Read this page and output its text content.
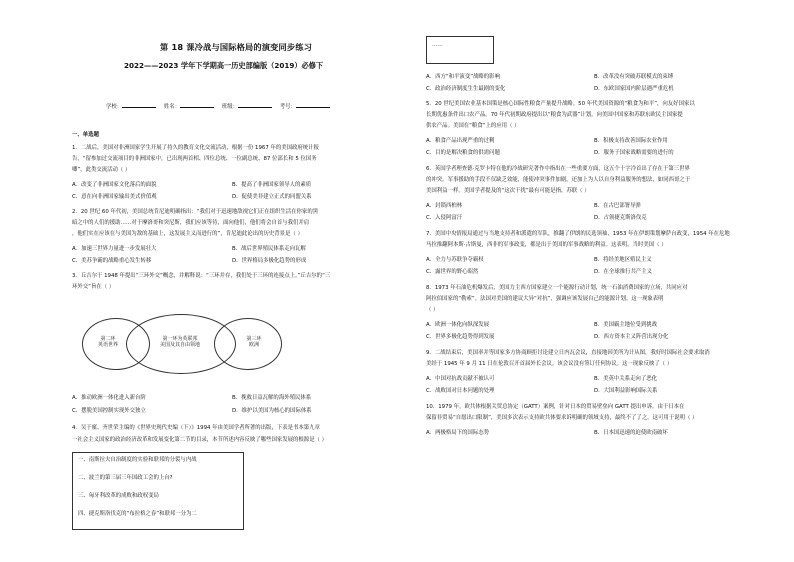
第 18 课冷战与国际格局的演变同步练习
2022——2023 学年下学期高一历史部编版（2019）必修下
学校：	姓名：	班级：	考号：
一、单选题
1．二战后，美国对非洲国家学生开展了持久的教育文化交流活动，根据一份 1967 年的美国政府统计报
告，“留参加过交流项目的非洲国家中，已出现两首相、四位总统、一位副总统、87 位部长和 5 位国务
卿”，此类交流活动（ ）
A．改变了非洲国家文化落后的面貌	B．提高了非洲国家领导人的素质
C．意在向非洲国家输出美式价值观	D．促使美非建立正式的同盟关系
2．20 世纪 60 年代初，美国总统肯尼迪明确指出：“我们对于迅速地敌视它们正在组织生活在你家的黑
暗之中的人们的援助……对于摩洛哥和突尼斯，我们应该等待，面向他们，他们将会自首与我们并肩
，他们实在应该在与美国为敌的基础上，这发展主义而进行的”，肯尼迪此论出的历史背景是（ ）
A．加速三世界力量进一步发展壮大	B．战后世界殖民体系走向瓦解
C．美苏争霸的战略重心发生转移	D．世界格局多极化趋势的形成
3．丘吉尔于 1948 年提出“三环外交”概念，并解释说：“三环并存，我们处于三环的连接点上。”丘吉尔的“三
环外交”旨在（ ）
第二环
英语世界
第一环为英联邦
美国及其自由领地
第三环
欧洲
A．推动欧洲一体化进入新台阶	B．挽救日益瓦解的海外殖民体系
C．摆脱美国控制实现外交独立	D．维护以美国为核心的国际体系
4．吴于廑、齐世荣主编的《世界史现代史编（下）》1994 年由美国学者所著的出版，下表是书本第九章
一社会主义国家的政治经济改革和发展变化第二节的目录，本节所述内容反映了哪些国家发展的根源是（ ）
一、南斯拉夫自治制度的实验和联邦的分裂与内战
二、波兰的第三届三年国政工会的上台?
三、匈牙利改革的成败和政权变局
四、捷克斯洛伐克的“布拉格之春”和联邦一分为二
……
A．西方“和平演变”战略的影响	B．改革没有突破苏联模式的束缚
C．政治经济制度生生最剧的变化	D．东欧国家国内阶层遇严重危机
5．20 世纪美国农业基本国策是核心国际性粮食产量提升战略。50 年代美国资源的“粮食为和平”，向友好国家以
长期优惠条件出口农产品。70 年代初期政府提出以“粮食为武器”计划，向美国中国家和苏联东欧民主国家提
供农产品。美国在“粮食”上的应用（ ）
A．粮食产品出现严重的过剩	B．积极支持改善国际农业作用
C．目的是解决粮食的供需问题	D．服务于国家战略需要的进行的
6．英国学者理查德·克罗卡特在他的冷战研究著作中指出在一些重要方面，这五个十字冷首出了存在于第三世界
的冲突。军事援助的手段不仅缺乏效能，能使冲突事件加剧，还加上为人以自身利益服务的想法，如同西哥之于
美国利益一样。美国学者提及的“这次干扰”最有可能是指，苏联（ ）
A．封锁西柏林	B．在古巴部署导弹
C．入侵阿富汗	D．占领捷克斯洛伐克
7．美国中央情报局通过与当地支持者和派遣的军队，推翻了伊朗的民选领袖，1953 年在伊朗策划摩萨台政变，1954 年在危地
马拉推翻阿本斯·古斯曼，西非的军事政变，都是出于美国的军事战略的利益。这表明，当时美国（ ）
A．全力与苏联争夺霸权	B．将经美地区殖民主义
C．露世界的野心昭然	D．在全球推行共产主义
8．1973 年石油危机爆发后，美国力主西方国家建立一个能源行动计划，统一石油消费国家的立场，共同应对
阿拉伯国家的“勒索”。法国对美国的建议大异“对抗”，强调应该发展自己的能源计划。这一现象表明
（ ）
A．欧洲一体化向纵深发展	B．美国霸主地位受到挑战
C．世界多极化趋势得到发展	D．西方资本主义阵营出现分化
9．二战结束后，美国率并等国家多方协商顾拒讨论建立日内瓦会议，直接地因美所为计从图，我好时国际社会要求取消
美经于 1945 年 9 月 11 日在伦敦召开首届外长会议。该会议没有签订任何协议。这一现象反映了（ ）
A．中国对抗战贡献不被认可	B．美英中关系走向了恶化
C．战败国对日本问题的处理	D．大国利益影响国际关系
10．1979 年，欧共体根据关贸总协定（GATT）案例，针对日本的贸易壁垒向 GATT 提出申诉。由于日本在
保留非贸易“自愿出口限制”，美国多次表示支持欧共体要求诉明确的领域支持，最终不了了之。这可用于说明（ ）
A．两极格局下的国际态势	B．日本国迅速的迫使欧南破坏
